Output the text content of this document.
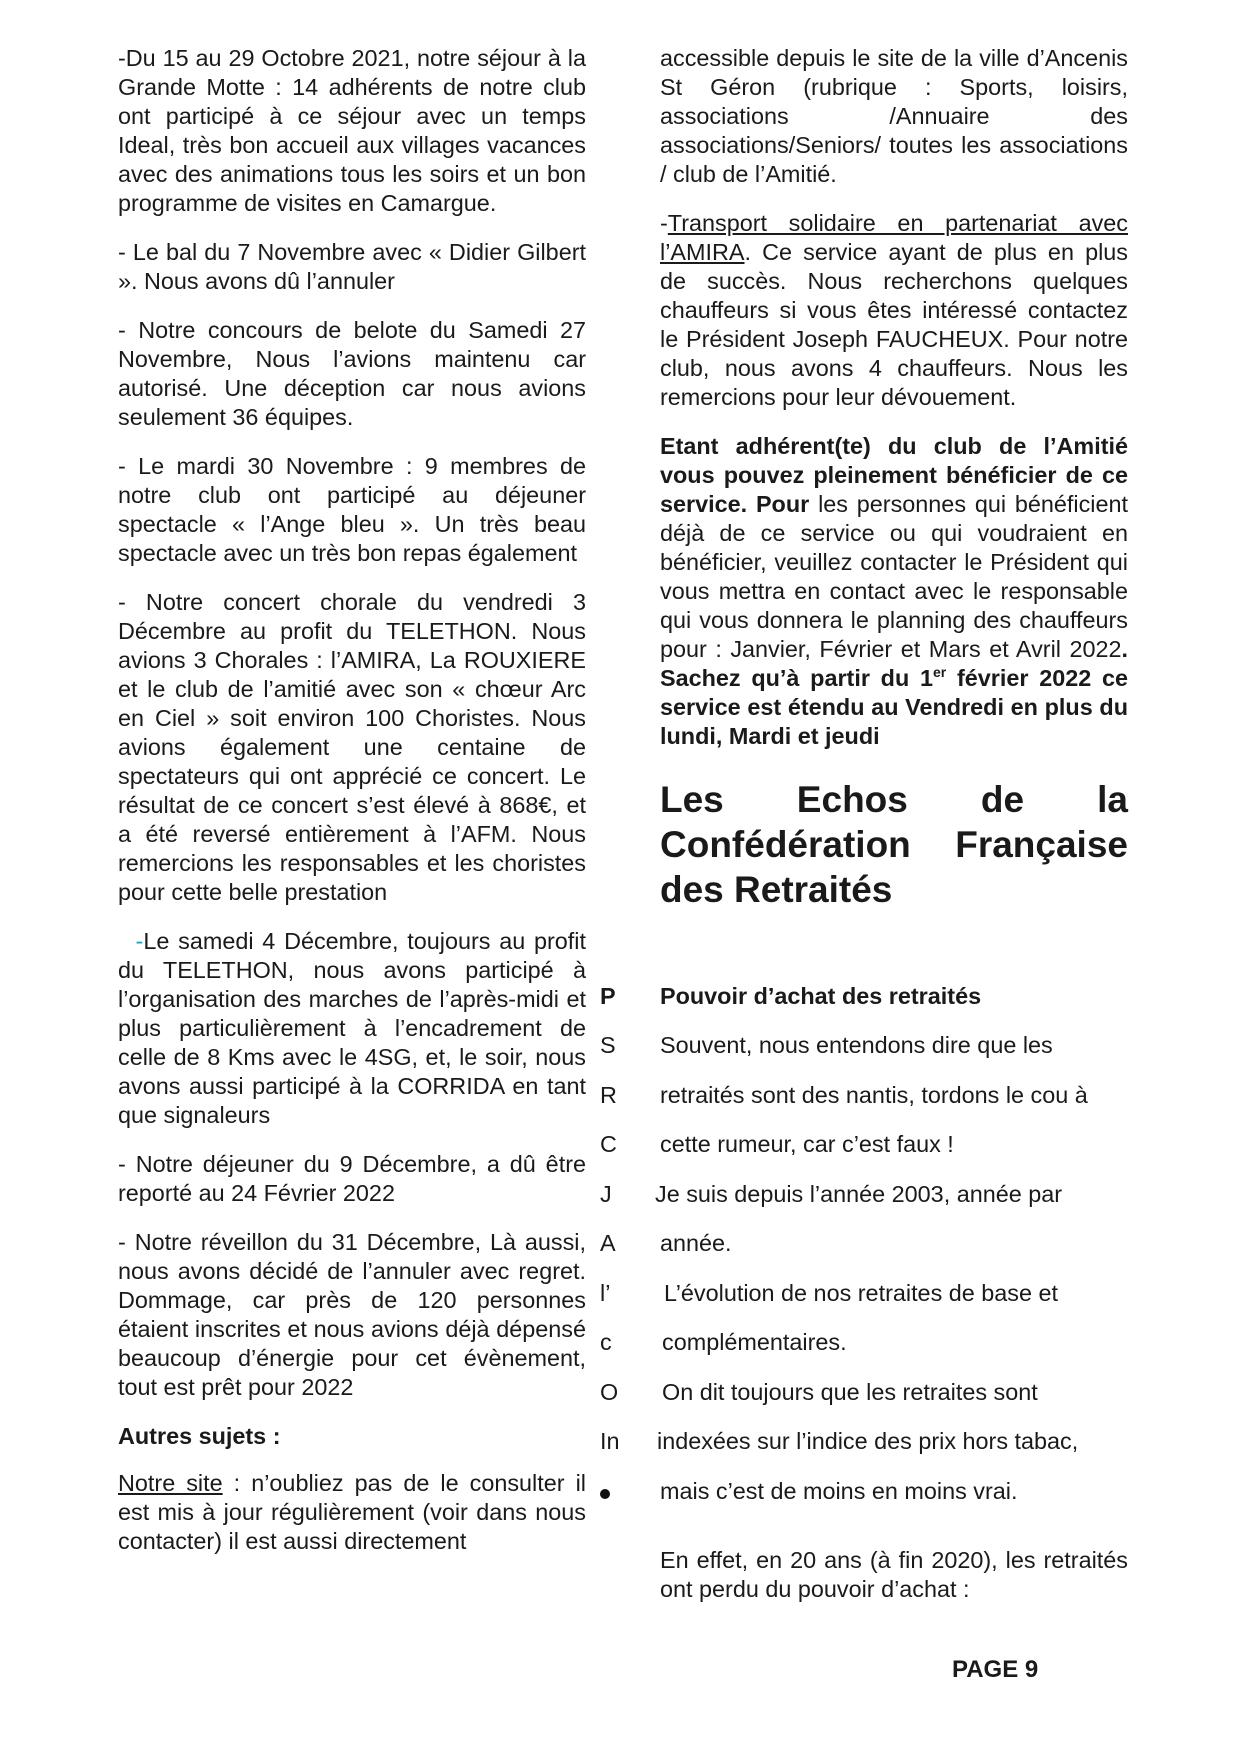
-Du 15 au 29 Octobre 2021, notre séjour à la Grande Motte : 14 adhérents de notre club ont participé à ce séjour avec un temps Ideal, très bon accueil aux villages vacances avec des animations tous les soirs et un bon programme de visites en Camargue.

- Le bal du 7 Novembre avec « Didier Gilbert ». Nous avons dû l’annuler

- Notre concours de belote du Samedi 27 Novembre, Nous l’avions maintenu car autorisé. Une déception car nous avions seulement 36 équipes.

- Le mardi 30 Novembre : 9 membres de notre club ont participé au déjeuner spectacle « l’Ange bleu ». Un très beau spectacle avec un très bon repas également

- Notre concert chorale du vendredi 3 Décembre au profit du TELETHON. Nous avions 3 Chorales : l’AMIRA, La ROUXIERE et le club de l’amitié avec son « chœur Arc en Ciel » soit environ 100 Choristes. Nous avions également une centaine de spectateurs qui ont apprécié ce concert. Le résultat de ce concert s’est élevé à 868€, et a été reversé entièrement à l’AFM. Nous remercions les responsables et les choristes pour cette belle prestation

-Le samedi 4 Décembre, toujours au profit du TELETHON, nous avons participé à l’organisation des marches de l’après-midi et plus particulièrement à l’encadrement de celle de 8 Kms avec le 4SG, et, le soir, nous avons aussi participé à la CORRIDA en tant que signaleurs

- Notre déjeuner du 9 Décembre, a dû être reporté au 24 Février 2022

- Notre réveillon du 31 Décembre, Là aussi, nous avons décidé de l’annuler avec regret. Dommage, car près de 120 personnes étaient inscrites et nous avions déjà dépensé beaucoup d’énergie pour cet évènement, tout est prêt pour 2022

Autres sujets :

Notre site : n’oubliez pas de le consulter il est mis à jour régulièrement (voir dans nous contacter) il est aussi directement

accessible depuis le site de la ville d’Ancenis St Géron (rubrique : Sports, loisirs, associations /Annuaire des associations/Seniors/ toutes les associations / club de l’Amitié.

-Transport solidaire en partenariat avec l’AMIRA. Ce service ayant de plus en plus de succès. Nous recherchons quelques chauffeurs si vous êtes intéressé contactez le Président Joseph FAUCHEUX. Pour notre club, nous avons 4 chauffeurs. Nous les remercions pour leur dévouement.

Etant adhérent(te) du club de l’Amitié vous pouvez pleinement bénéficier de ce service. Pour les personnes qui bénéficient déjà de ce service ou qui voudraient en bénéficier, veuillez contacter le Président qui vous mettra en contact avec le responsable qui vous donnera le planning des chauffeurs pour : Janvier, Février et Mars et Avril 2022. Sachez qu’à partir du 1er février 2022 ce service est étendu au Vendredi en plus du lundi, Mardi et jeudi

Les Echos de la Confédération Française
des Retraités
P	Pouvoir d’achat des retraités
S	Souvent, nous entendons dire que les
R	retraités sont des nantis, tordons le cou à
C	cette rumeur, car c’est faux !
J	Je suis depuis l’année 2003, année par
A	année.
l’	L’évolution de nos retraites de base et
c	complémentaires.
O	On dit toujours que les retraites sont
In	indexées sur l’indice des prix hors tabac,
mais c’est de moins en moins vrai.
En effet, en 20 ans (à fin 2020), les retraités ont perdu du pouvoir d’achat :
PAGE 9
